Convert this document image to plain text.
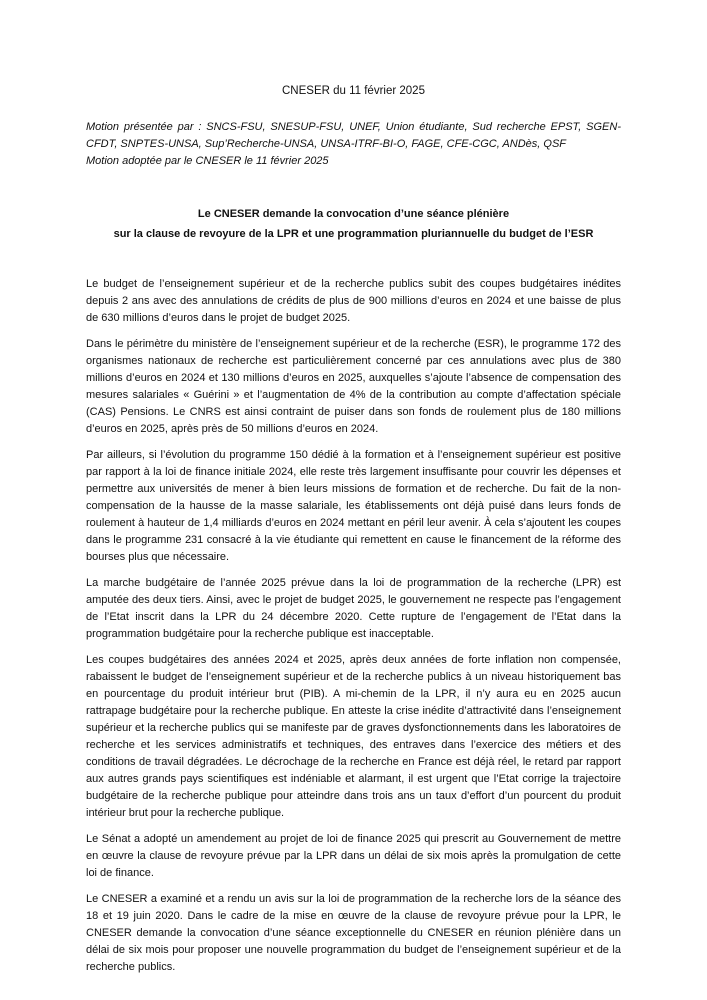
CNESER du 11 février 2025

Motion présentée par : SNCS-FSU, SNESUP-FSU, UNEF, Union étudiante, Sud recherche EPST, SGEN-CFDT, SNPTES-UNSA, Sup’Recherche-UNSA, UNSA-ITRF-BI-O, FAGE, CFE-CGC, ANDès, QSF

Motion adoptée par le CNESER le 11 février 2025

Le CNESER demande la convocation d’une séance plénière

sur la clause de revoyure de la LPR et une programmation pluriannuelle du budget de l’ESR

Le budget de l’enseignement supérieur et de la recherche publics subit des coupes budgétaires inédites depuis 2 ans avec des annulations de crédits de plus de 900 millions d’euros en 2024 et une baisse de plus de 630 millions d’euros dans le projet de budget 2025.

Dans le périmètre du ministère de l’enseignement supérieur et de la recherche (ESR), le programme 172 des organismes nationaux de recherche est particulièrement concerné par ces annulations avec plus de 380 millions d’euros en 2024 et 130 millions d’euros en 2025, auxquelles s’ajoute l’absence de compensation des mesures salariales « Guérini » et l’augmentation de 4% de la contribution au compte d’affectation spéciale (CAS) Pensions. Le CNRS est ainsi contraint de puiser dans son fonds de roulement plus de 180 millions d’euros en 2025, après près de 50 millions d’euros en 2024.

Par ailleurs, si l’évolution du programme 150 dédié à la formation et à l’enseignement supérieur est positive par rapport à la loi de finance initiale 2024, elle reste très largement insuffisante pour couvrir les dépenses et permettre aux universités de mener à bien leurs missions de formation et de recherche. Du fait de la non-compensation de la hausse de la masse salariale, les établissements ont déjà puisé dans leurs fonds de roulement à hauteur de 1,4 milliards d’euros en 2024 mettant en péril leur avenir. À cela s’ajoutent les coupes dans le programme 231 consacré à la vie étudiante qui remettent en cause le financement de la réforme des bourses plus que nécessaire.

La marche budgétaire de l’année 2025 prévue dans la loi de programmation de la recherche (LPR) est amputée des deux tiers. Ainsi, avec le projet de budget 2025, le gouvernement ne respecte pas l’engagement de l’Etat inscrit dans la LPR du 24 décembre 2020. Cette rupture de l’engagement de l’Etat dans la programmation budgétaire pour la recherche publique est inacceptable.

Les coupes budgétaires des années 2024 et 2025, après deux années de forte inflation non compensée, rabaissent le budget de l’enseignement supérieur et de la recherche publics à un niveau historiquement bas en pourcentage du produit intérieur brut (PIB). A mi-chemin de la LPR, il n’y aura eu en 2025 aucun rattrapage budgétaire pour la recherche publique. En atteste la crise inédite d’attractivité dans l’enseignement supérieur et la recherche publics qui se manifeste par de graves dysfonctionnements dans les laboratoires de recherche et les services administratifs et techniques, des entraves dans l’exercice des métiers et des conditions de travail dégradées. Le décrochage de la recherche en France est déjà réel, le retard par rapport aux autres grands pays scientifiques est indéniable et alarmant, il est urgent que l’Etat corrige la trajectoire budgétaire de la recherche publique pour atteindre dans trois ans un taux d’effort d’un pourcent du produit intérieur brut pour la recherche publique.

Le Sénat a adopté un amendement au projet de loi de finance 2025 qui prescrit au Gouvernement de mettre en œuvre la clause de revoyure prévue par la LPR dans un délai de six mois après la promulgation de cette loi de finance.

Le CNESER a examiné et a rendu un avis sur la loi de programmation de la recherche lors de la séance des 18 et 19 juin 2020. Dans le cadre de la mise en œuvre de la clause de revoyure prévue pour la LPR, le CNESER demande la convocation d’une séance exceptionnelle du CNESER en réunion plénière dans un délai de six mois pour proposer une nouvelle programmation du budget de l’enseignement supérieur et de la recherche publics.
